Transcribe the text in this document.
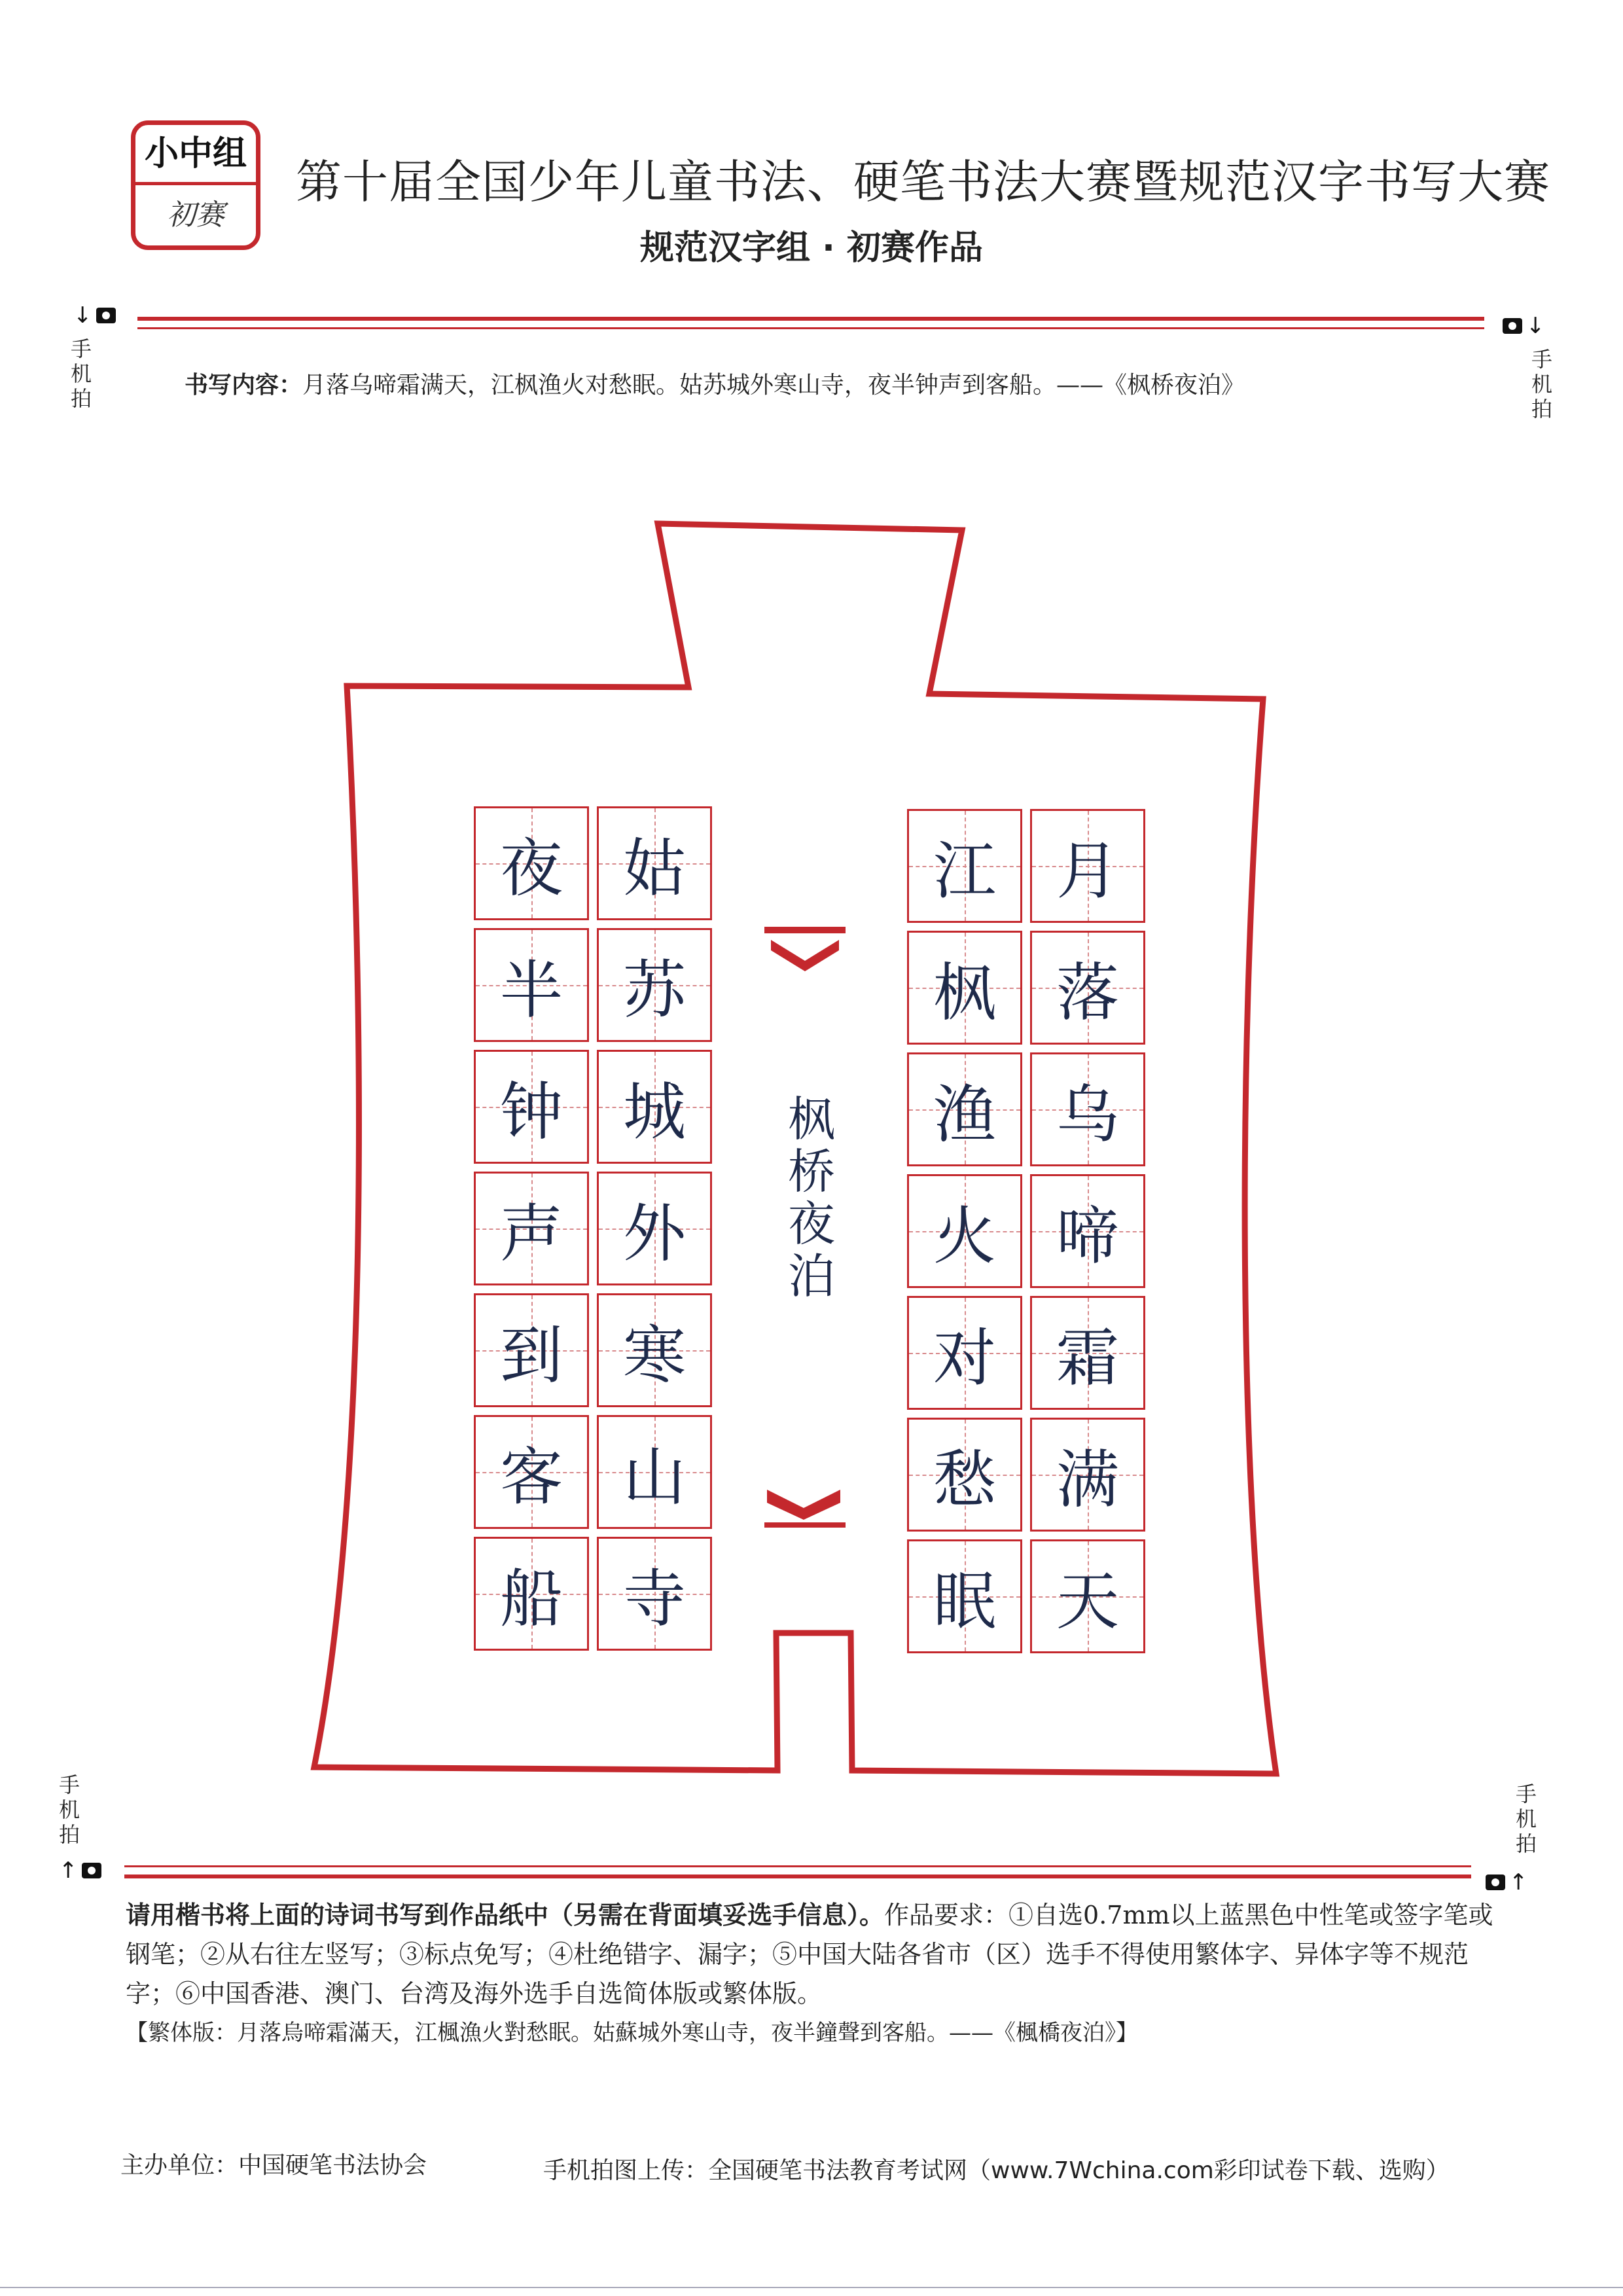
小中组
初赛
第十届全国少年儿童书法、硬笔书法大赛暨规范汉字书写大赛
规范汉字组 · 初赛作品
↓
手机拍
↓
手机拍
书写内容：月落乌啼霜满天，江枫渔火对愁眠。姑苏城外寒山寺，夜半钟声到客船。——《枫桥夜泊》
月
落
乌
啼
霜
满
天
江
枫
渔
火
对
愁
眠
姑
苏
城
外
寒
山
寺
夜
半
钟
声
到
客
船
枫桥夜泊
手机拍
↑
手机拍
↑

请用楷书将上面的诗词书写到作品纸中（另需在背面填妥选手信息）。作品要求：①自选0.7mm以上蓝黑色中性笔或签字笔或钢笔；②从右往左竖写；③标点免写；④杜绝错字、漏字；⑤中国大陆各省市（区）选手不得使用繁体字、异体字等不规范字；⑥中国香港、澳门、台湾及海外选手自选简体版或繁体版。

【繁体版：月落烏啼霜滿天，江楓漁火對愁眠。姑蘇城外寒山寺，夜半鐘聲到客船。——《楓橋夜泊》】

主办单位：中国硬笔书法协会	手机拍图上传：全国硬笔书法教育考试网（www.7Wchina.com彩印试卷下载、选购）
